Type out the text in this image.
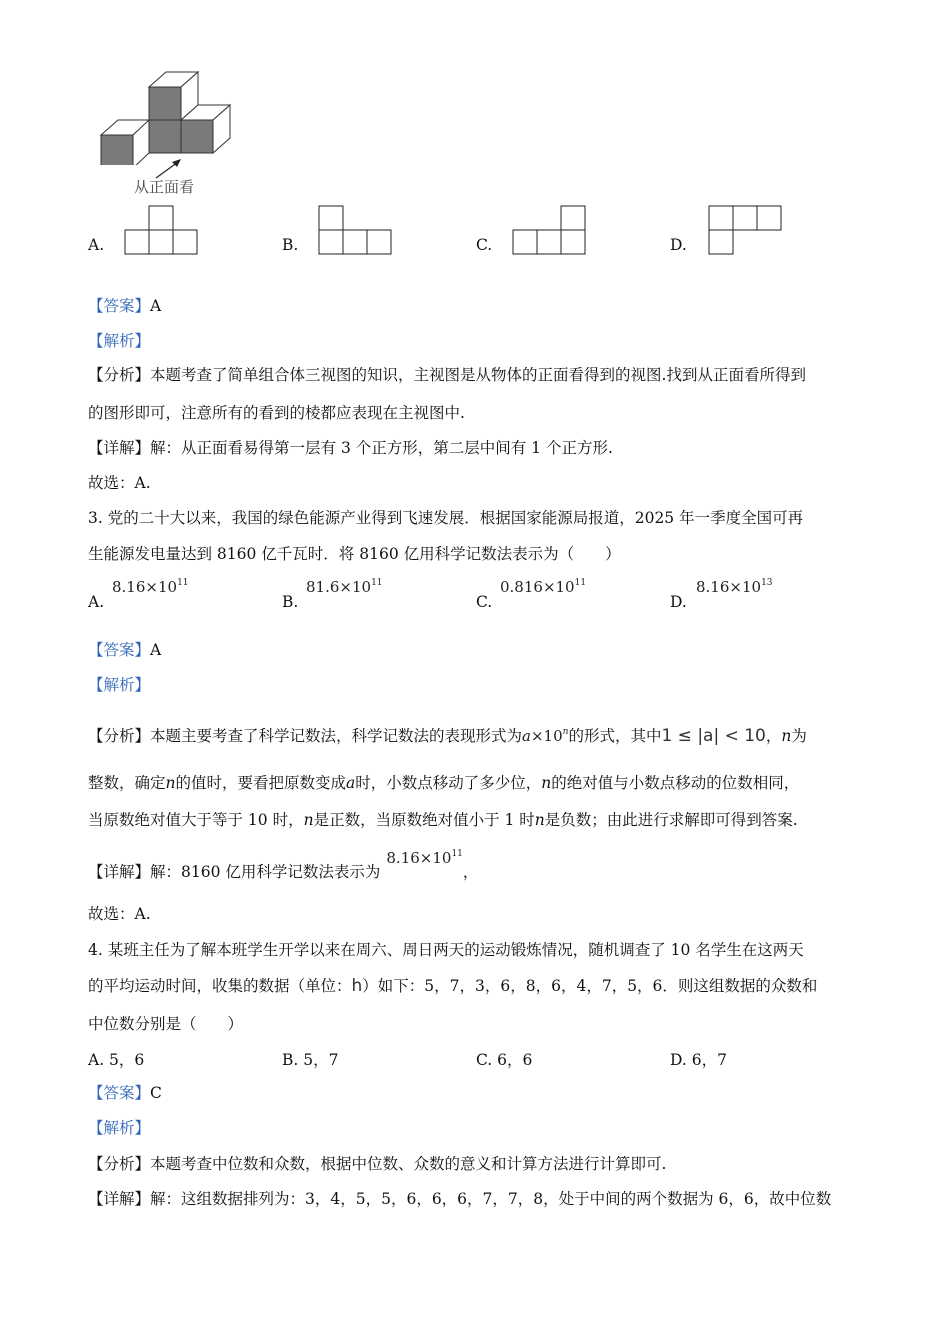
从正面看
A.	B.	C.	D.
【答案】A
【解析】
【分析】本题考查了简单组合体三视图的知识，主视图是从物体的正面看得到的视图.找到从正面看所得到
的图形即可，注意所有的看到的棱都应表现在主视图中.
【详解】解：从正面看易得第一层有 3 个正方形，第二层中间有 1 个正方形.
故选：A.
3. 党的二十大以来，我国的绿色能源产业得到飞速发展．根据国家能源局报道，2025 年一季度全国可再
生能源发电量达到 8160 亿千瓦时．将 8160 亿用科学记数法表示为（　　）
A.
$8.16\times 10^{11}$
B.
$81.6\times 10^{11}$
C.
$0.816\times 10^{11}$
D.
$8.16\times 10^{13}$
【答案】A
【解析】
【分析】本题主要考查了科学记数法，科学记数法的表现形式为$a\times 10^n$的形式，其中1 ≤ |a| < 10，n为
整数，确定n的值时，要看把原数变成a时，小数点移动了多少位，n的绝对值与小数点移动的位数相同，
当原数绝对值大于等于 10 时，n是正数，当原数绝对值小于 1 时n是负数；由此进行求解即可得到答案.
【详解】解：8160 亿用科学记数法表示为$8.16\times 10^{11}$，
故选：A.
4. 某班主任为了解本班学生开学以来在周六、周日两天的运动锻炼情况，随机调查了 10 名学生在这两天
的平均运动时间，收集的数据（单位：h）如下：5，7，3，6，8，6，4，7，5，6．则这组数据的众数和
中位数分别是（　　）
A. 5，6	B. 5，7	C. 6，6	D. 6，7
【答案】C
【解析】
【分析】本题考查中位数和众数，根据中位数、众数的意义和计算方法进行计算即可.
【详解】解：这组数据排列为：3，4，5，5，6，6，6，7，7，8，处于中间的两个数据为 6，6，故中位数
